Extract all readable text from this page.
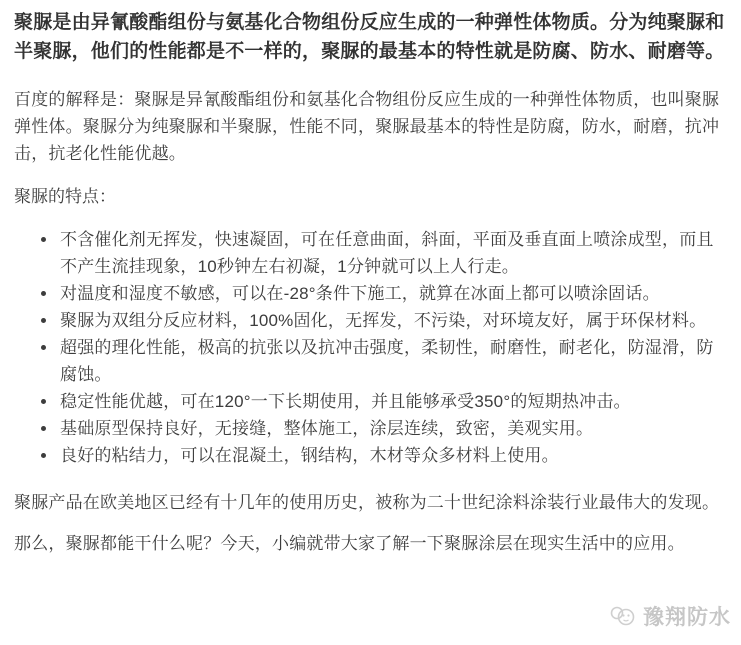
聚脲是由异氰酸酯组份与氨基化合物组份反应生成的一种弹性体物质。分为纯聚脲和半聚脲，他们的性能都是不一样的，聚脲的最基本的特性就是防腐、防水、耐磨等。

百度的解释是：聚脲是异氰酸酯组份和氨基化合物组份反应生成的一种弹性体物质，也叫聚脲弹性体。聚脲分为纯聚脲和半聚脲，性能不同，聚脲最基本的特性是防腐，防水，耐磨，抗冲击，抗老化性能优越。

聚脲的特点：

• 不含催化剂无挥发，快速凝固，可在任意曲面，斜面，平面及垂直面上喷涂成型，而且不产生流挂现象，10秒钟左右初凝，1分钟就可以上人行走。
• 对温度和湿度不敏感，可以在-28°条件下施工，就算在冰面上都可以喷涂固话。
• 聚脲为双组分反应材料，100%固化，无挥发，不污染，对环境友好，属于环保材料。
• 超强的理化性能，极高的抗张以及抗冲击强度，柔韧性，耐磨性，耐老化，防湿滑，防腐蚀。
• 稳定性能优越，可在120°一下长期使用，并且能够承受350°的短期热冲击。
• 基础原型保持良好，无接缝，整体施工，涂层连续，致密，美观实用。
• 良好的粘结力，可以在混凝土，钢结构，木材等众多材料上使用。

聚脲产品在欧美地区已经有十几年的使用历史，被称为二十世纪涂料涂装行业最伟大的发现。

那么，聚脲都能干什么呢？今天，小编就带大家了解一下聚脲涂层在现实生活中的应用。

豫翔防水
